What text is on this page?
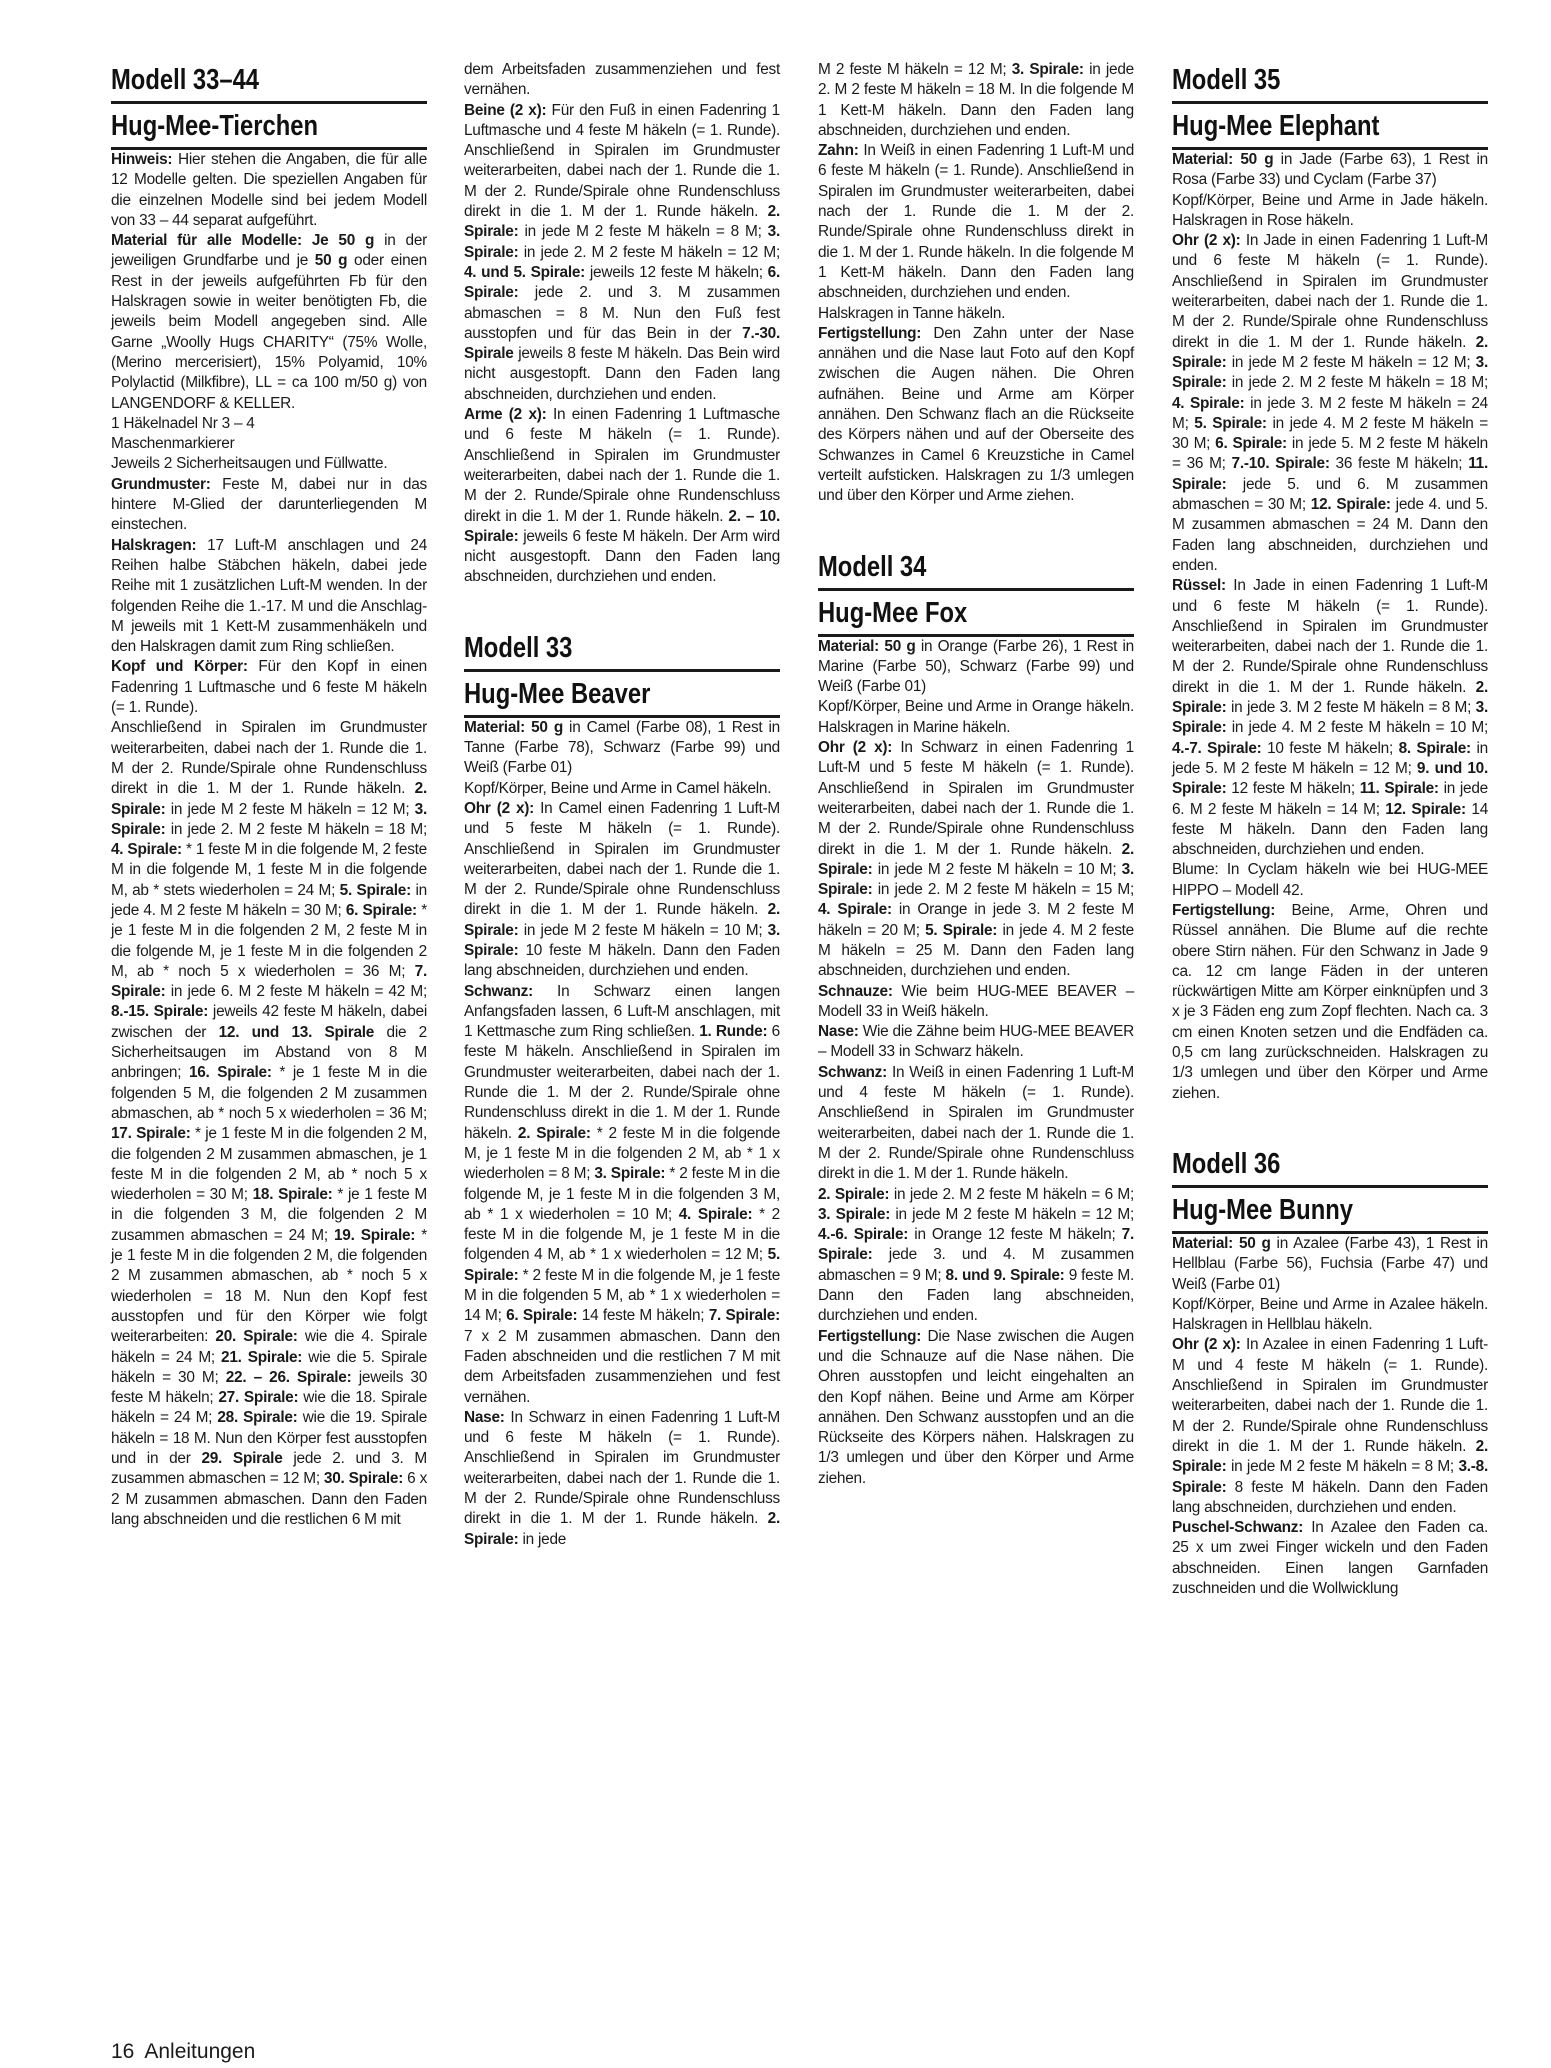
Modell 33–44
Hug-Mee-Tierchen
Hinweis: Hier stehen die Angaben, die für alle 12 Modelle gelten. Die speziellen Angaben für die einzelnen Modelle sind bei jedem Modell von 33 – 44 separat aufgeführt.
Material für alle Modelle: Je 50 g in der jeweiligen Grundfarbe und je 50 g oder einen Rest in der jeweils aufgeführten Fb für den Halskragen sowie in weiter benötigten Fb, die jeweils beim Modell angegeben sind. Alle Garne „Woolly Hugs CHARITY“ (75% Wolle, (Merino mercerisiert), 15% Polyamid, 10% Polylactid (Milkfibre), LL = ca 100 m/50 g) von LANGENDORF & KELLER.
1 Häkelnadel Nr 3 – 4
Maschenmarkierer
Jeweils 2 Sicherheitsaugen und Füllwatte.
Grundmuster: Feste M, dabei nur in das hintere M-Glied der darunterliegenden M einstechen.
Halskragen: 17 Luft-M anschlagen und 24 Reihen halbe Stäbchen häkeln, dabei jede Reihe mit 1 zusätzlichen Luft-M wenden. In der folgenden Reihe die 1.-17. M und die Anschlag-M jeweils mit 1 Kett-M zusammenhäkeln und den Halskragen damit zum Ring schließen.
Kopf und Körper: Für den Kopf in einen Fadenring 1 Luftmasche und 6 feste M häkeln (= 1. Runde).
Anschließend in Spiralen im Grundmuster weiterarbeiten, dabei nach der 1. Runde die 1. M der 2. Runde/Spirale ohne Rundenschluss direkt in die 1. M der 1. Runde häkeln. 2. Spirale: in jede M 2 feste M häkeln = 12 M; 3. Spirale: in jede 2. M 2 feste M häkeln = 18 M; 4. Spirale: * 1 feste M in die folgende M, 2 feste M in die folgende M, 1 feste M in die folgende M, ab * stets wiederholen = 24 M; 5. Spirale: in jede 4. M 2 feste M häkeln = 30 M; 6. Spirale: * je 1 feste M in die folgenden 2 M, 2 feste M in die folgende M, je 1 feste M in die folgenden 2 M, ab * noch 5 x wiederholen = 36 M; 7. Spirale: in jede 6. M 2 feste M häkeln = 42 M; 8.-15. Spirale: jeweils 42 feste M häkeln, dabei zwischen der 12. und 13. Spirale die 2 Sicherheitsaugen im Abstand von 8 M anbringen; 16. Spirale: * je 1 feste M in die folgenden 5 M, die folgenden 2 M zusammen abmaschen, ab * noch 5 x wiederholen = 36 M; 17. Spirale: * je 1 feste M in die folgenden 2 M, die folgenden 2 M zusammen abmaschen, je 1 feste M in die folgenden 2 M, ab * noch 5 x wiederholen = 30 M; 18. Spirale: * je 1 feste M in die folgenden 3 M, die folgenden 2 M zusammen abmaschen = 24 M; 19. Spirale: * je 1 feste M in die folgenden 2 M, die folgenden 2 M zusammen abmaschen, ab * noch 5 x wiederholen = 18 M. Nun den Kopf fest ausstopfen und für den Körper wie folgt weiterarbeiten: 20. Spirale: wie die 4. Spirale häkeln = 24 M; 21. Spirale: wie die 5. Spirale häkeln = 30 M; 22. – 26. Spirale: jeweils 30 feste M häkeln; 27. Spirale: wie die 18. Spirale häkeln = 24 M; 28. Spirale: wie die 19. Spirale häkeln = 18 M. Nun den Körper fest ausstopfen und in der 29. Spirale jede 2. und 3. M zusammen abmaschen = 12 M; 30. Spirale: 6 x 2 M zusammen abmaschen. Dann den Faden lang abschneiden und die restlichen 6 M mit
dem Arbeitsfaden zusammenziehen und fest vernähen.
Beine (2 x): Für den Fuß in einen Fadenring 1 Luftmasche und 4 feste M häkeln (= 1. Runde). Anschließend in Spiralen im Grundmuster weiterarbeiten, dabei nach der 1. Runde die 1. M der 2. Runde/Spirale ohne Rundenschluss direkt in die 1. M der 1. Runde häkeln. 2. Spirale: in jede M 2 feste M häkeln = 8 M; 3. Spirale: in jede 2. M 2 feste M häkeln = 12 M; 4. und 5. Spirale: jeweils 12 feste M häkeln; 6. Spirale: jede 2. und 3. M zusammen abmaschen = 8 M. Nun den Fuß fest ausstopfen und für das Bein in der 7.-30. Spirale jeweils 8 feste M häkeln. Das Bein wird nicht ausgestopft. Dann den Faden lang abschneiden, durchziehen und enden.
Arme (2 x): In einen Fadenring 1 Luftmasche und 6 feste M häkeln (= 1. Runde). Anschließend in Spiralen im Grundmuster weiterarbeiten, dabei nach der 1. Runde die 1. M der 2. Runde/Spirale ohne Rundenschluss direkt in die 1. M der 1. Runde häkeln. 2. – 10. Spirale: jeweils 6 feste M häkeln. Der Arm wird nicht ausgestopft. Dann den Faden lang abschneiden, durchziehen und enden.
Modell 33
Hug-Mee Beaver
Material: 50 g in Camel (Farbe 08), 1 Rest in Tanne (Farbe 78), Schwarz (Farbe 99) und Weiß (Farbe 01)
Kopf/Körper, Beine und Arme in Camel häkeln.
Ohr (2 x): In Camel einen Fadenring 1 Luft-M und 5 feste M häkeln (= 1. Runde). Anschließend in Spiralen im Grundmuster weiterarbeiten, dabei nach der 1. Runde die 1. M der 2. Runde/Spirale ohne Rundenschluss direkt in die 1. M der 1. Runde häkeln. 2. Spirale: in jede M 2 feste M häkeln = 10 M; 3. Spirale: 10 feste M häkeln. Dann den Faden lang abschneiden, durchziehen und enden.
Schwanz: In Schwarz einen langen Anfangsfaden lassen, 6 Luft-M anschlagen, mit 1 Kettmasche zum Ring schließen. 1. Runde: 6 feste M häkeln. Anschließend in Spiralen im Grundmuster weiterarbeiten, dabei nach der 1. Runde die 1. M der 2. Runde/Spirale ohne Rundenschluss direkt in die 1. M der 1. Runde häkeln. 2. Spirale: * 2 feste M in die folgende M, je 1 feste M in die folgenden 2 M, ab * 1 x wiederholen = 8 M; 3. Spirale: * 2 feste M in die folgende M, je 1 feste M in die folgenden 3 M, ab * 1 x wiederholen = 10 M; 4. Spirale: * 2 feste M in die folgende M, je 1 feste M in die folgenden 4 M, ab * 1 x wiederholen = 12 M; 5. Spirale: * 2 feste M in die folgende M, je 1 feste M in die folgenden 5 M, ab * 1 x wiederholen = 14 M; 6. Spirale: 14 feste M häkeln; 7. Spirale: 7 x 2 M zusammen abmaschen. Dann den Faden abschneiden und die restlichen 7 M mit dem Arbeitsfaden zusammenziehen und fest vernähen.
Nase: In Schwarz in einen Fadenring 1 Luft-M und 6 feste M häkeln (= 1. Runde). Anschließend in Spiralen im Grundmuster weiterarbeiten, dabei nach der 1. Runde die 1. M der 2. Runde/Spirale ohne Rundenschluss direkt in die 1. M der 1. Runde häkeln. 2. Spirale: in jede
M 2 feste M häkeln = 12 M; 3. Spirale: in jede 2. M 2 feste M häkeln = 18 M. In die folgende M 1 Kett-M häkeln. Dann den Faden lang abschneiden, durchziehen und enden.
Zahn: In Weiß in einen Fadenring 1 Luft-M und 6 feste M häkeln (= 1. Runde). Anschließend in Spiralen im Grundmuster weiterarbeiten, dabei nach der 1. Runde die 1. M der 2. Runde/Spirale ohne Rundenschluss direkt in die 1. M der 1. Runde häkeln. In die folgende M 1 Kett-M häkeln. Dann den Faden lang abschneiden, durchziehen und enden.
Halskragen in Tanne häkeln.
Fertigstellung: Den Zahn unter der Nase annähen und die Nase laut Foto auf den Kopf zwischen die Augen nähen. Die Ohren aufnähen. Beine und Arme am Körper annähen. Den Schwanz flach an die Rückseite des Körpers nähen und auf der Oberseite des Schwanzes in Camel 6 Kreuzstiche in Camel verteilt aufsticken. Halskragen zu 1/3 umlegen und über den Körper und Arme ziehen.
Modell 34
Hug-Mee Fox
Material: 50 g in Orange (Farbe 26), 1 Rest in Marine (Farbe 50), Schwarz (Farbe 99) und Weiß (Farbe 01)
Kopf/Körper, Beine und Arme in Orange häkeln. Halskragen in Marine häkeln.
Ohr (2 x): In Schwarz in einen Fadenring 1 Luft-M und 5 feste M häkeln (= 1. Runde). Anschließend in Spiralen im Grundmuster weiterarbeiten, dabei nach der 1. Runde die 1. M der 2. Runde/Spirale ohne Rundenschluss direkt in die 1. M der 1. Runde häkeln. 2. Spirale: in jede M 2 feste M häkeln = 10 M; 3. Spirale: in jede 2. M 2 feste M häkeln = 15 M; 4. Spirale: in Orange in jede 3. M 2 feste M häkeln = 20 M; 5. Spirale: in jede 4. M 2 feste M häkeln = 25 M. Dann den Faden lang abschneiden, durchziehen und enden.
Schnauze: Wie beim HUG-MEE BEAVER – Modell 33 in Weiß häkeln.
Nase: Wie die Zähne beim HUG-MEE BEAVER – Modell 33 in Schwarz häkeln.
Schwanz: In Weiß in einen Fadenring 1 Luft-M und 4 feste M häkeln (= 1. Runde). Anschließend in Spiralen im Grundmuster weiterarbeiten, dabei nach der 1. Runde die 1. M der 2. Runde/Spirale ohne Rundenschluss direkt in die 1. M der 1. Runde häkeln.
2. Spirale: in jede 2. M 2 feste M häkeln = 6 M; 3. Spirale: in jede M 2 feste M häkeln = 12 M; 4.-6. Spirale: in Orange 12 feste M häkeln; 7. Spirale: jede 3. und 4. M zusammen abmaschen = 9 M; 8. und 9. Spirale: 9 feste M. Dann den Faden lang abschneiden, durchziehen und enden.
Fertigstellung: Die Nase zwischen die Augen und die Schnauze auf die Nase nähen. Die Ohren ausstopfen und leicht eingehalten an den Kopf nähen. Beine und Arme am Körper annähen. Den Schwanz ausstopfen und an die Rückseite des Körpers nähen. Halskragen zu 1/3 umlegen und über den Körper und Arme ziehen.
Modell 35
Hug-Mee Elephant
Material: 50 g in Jade (Farbe 63), 1 Rest in Rosa (Farbe 33) und Cyclam (Farbe 37)
Kopf/Körper, Beine und Arme in Jade häkeln. Halskragen in Rose häkeln.
Ohr (2 x): In Jade in einen Fadenring 1 Luft-M und 6 feste M häkeln (= 1. Runde). Anschließend in Spiralen im Grundmuster weiterarbeiten, dabei nach der 1. Runde die 1. M der 2. Runde/Spirale ohne Rundenschluss direkt in die 1. M der 1. Runde häkeln. 2. Spirale: in jede M 2 feste M häkeln = 12 M; 3. Spirale: in jede 2. M 2 feste M häkeln = 18 M; 4. Spirale: in jede 3. M 2 feste M häkeln = 24 M; 5. Spirale: in jede 4. M 2 feste M häkeln = 30 M; 6. Spirale: in jede 5. M 2 feste M häkeln = 36 M; 7.-10. Spirale: 36 feste M häkeln; 11. Spirale: jede 5. und 6. M zusammen abmaschen = 30 M; 12. Spirale: jede 4. und 5. M zusammen abmaschen = 24 M. Dann den Faden lang abschneiden, durchziehen und enden.
Rüssel: In Jade in einen Fadenring 1 Luft-M und 6 feste M häkeln (= 1. Runde). Anschließend in Spiralen im Grundmuster weiterarbeiten, dabei nach der 1. Runde die 1. M der 2. Runde/Spirale ohne Rundenschluss direkt in die 1. M der 1. Runde häkeln. 2. Spirale: in jede 3. M 2 feste M häkeln = 8 M; 3. Spirale: in jede 4. M 2 feste M häkeln = 10 M; 4.-7. Spirale: 10 feste M häkeln; 8. Spirale: in jede 5. M 2 feste M häkeln = 12 M; 9. und 10. Spirale: 12 feste M häkeln; 11. Spirale: in jede 6. M 2 feste M häkeln = 14 M; 12. Spirale: 14 feste M häkeln. Dann den Faden lang abschneiden, durchziehen und enden.
Blume: In Cyclam häkeln wie bei HUG-MEE HIPPO – Modell 42.
Fertigstellung: Beine, Arme, Ohren und Rüssel annähen. Die Blume auf die rechte obere Stirn nähen. Für den Schwanz in Jade 9 ca. 12 cm lange Fäden in der unteren rückwärtigen Mitte am Körper einknüpfen und 3 x je 3 Fäden eng zum Zopf flechten. Nach ca. 3 cm einen Knoten setzen und die Endfäden ca. 0,5 cm lang zurückschneiden. Halskragen zu 1/3 umlegen und über den Körper und Arme ziehen.
Modell 36
Hug-Mee Bunny
Material: 50 g in Azalee (Farbe 43), 1 Rest in Hellblau (Farbe 56), Fuchsia (Farbe 47) und Weiß (Farbe 01)
Kopf/Körper, Beine und Arme in Azalee häkeln. Halskragen in Hellblau häkeln.
Ohr (2 x): In Azalee in einen Fadenring 1 Luft-M und 4 feste M häkeln (= 1. Runde). Anschließend in Spiralen im Grundmuster weiterarbeiten, dabei nach der 1. Runde die 1. M der 2. Runde/Spirale ohne Rundenschluss direkt in die 1. M der 1. Runde häkeln. 2. Spirale: in jede M 2 feste M häkeln = 8 M; 3.-8. Spirale: 8 feste M häkeln. Dann den Faden lang abschneiden, durchziehen und enden.
Puschel-Schwanz: In Azalee den Faden ca. 25 x um zwei Finger wickeln und den Faden abschneiden. Einen langen Garnfaden zuschneiden und die Wollwicklung
16 Anleitungen
